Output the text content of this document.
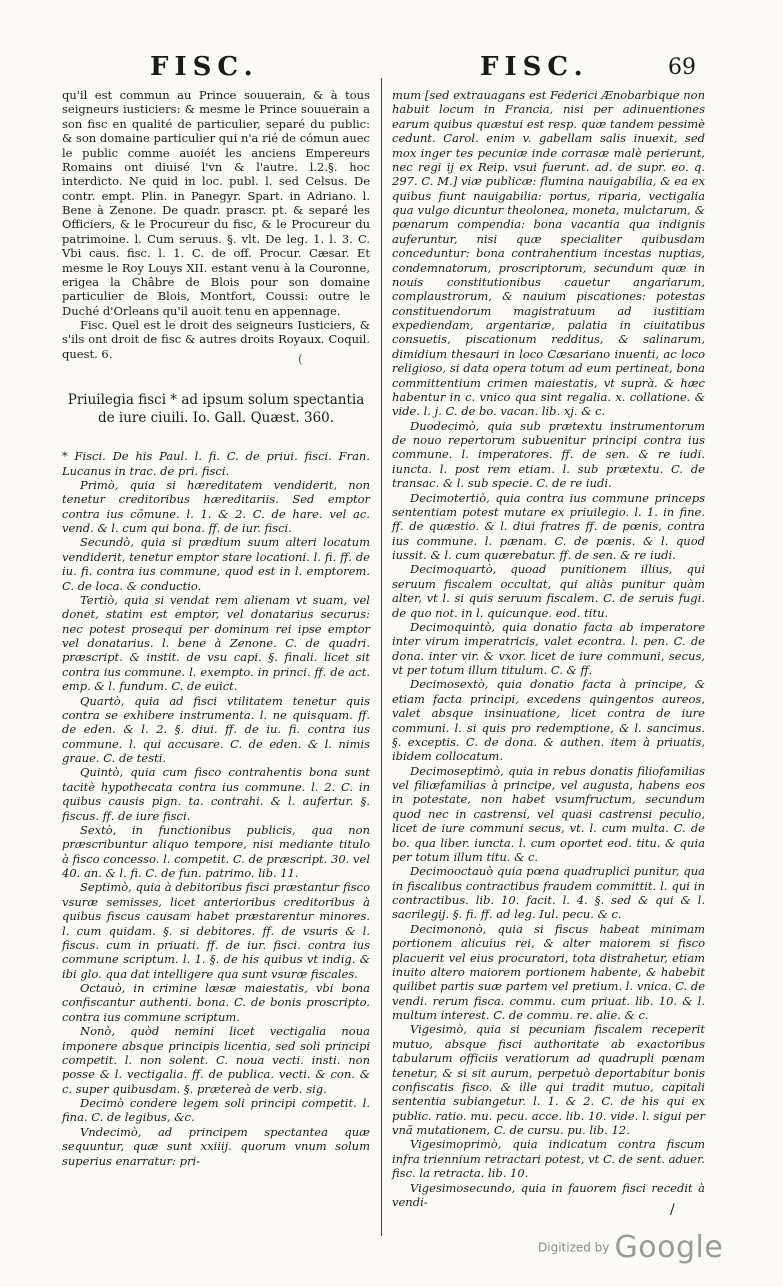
FISC.	FISC.	69

qu'il est commun au Prince souuerain, & à tous seigneurs iusticiers: & mesme le Prince souuerain a son fisc en qualité de particulier, separé du public: & son domaine particulier qui n'a rié de cómun auec le public comme auoiét les anciens Empereurs Romains ont diuisé l'vn & l'autre. l.2.§. hoc interdicto. Ne quid in loc. publ. l. sed Celsus. De contr. empt. Plin. in Panegyr. Spart. in Adriano. l. Bene à Zenone. De quadr. prascr. pt. & separé les Officiers, & le Procureur du fisc, & le Procureur du patrimoine. l. Cum seruus. §. vlt. De leg. 1. l. 3. C. Vbi caus. fisc. l. 1. C. de off. Procur. Cæsar. Et mesme le Roy Louys XII. estant venu à la Couronne, erigea la Châbre de Blois pour son domaine particulier de Blois, Montfort, Coussi: outre le Duché d'Orleans qu'il auoit tenu en appennage.

Fisc. Quel est le droit des seigneurs Iusticiers, & s'ils ont droit de fisc & autres droits Royaux. Coquil. quest. 6.

Priuilegia fisci * ad ipsum solum spectantia de iure ciuili. Io. Gall. Quæst. 360.

* Fisci. De his Paul. l. fi. C. de priui. fisci. Fran. Lucanus in trac. de pri. fisci.

Primò, quia si hæreditatem vendiderit, non tenetur creditoribus hæreditariis. Sed emptor contra ius cõmune. l. 1. & 2. C. de hare. vel ac. vend. & l. cum qui bona. ff. de iur. fisci.

Secundò, quia si prædium suum alteri locatum vendiderit, tenetur emptor stare locationi. l. fi. ff. de iu. fi. contra ius commune, quod est in l. emptorem. C. de loca. & conductio.

Tertiò, quia si vendat rem alienam vt suam, vel donet, statim est emptor, vel donatarius securus: nec potest prosequi per dominum rei ipse emptor vel donatarius. l. bene à Zenone. C. de quadri. præscript. & instit. de vsu capi. §. finali. licet sit contra ius commune. l. exempto. in princi. ff. de act. emp. & l. fundum. C. de euict.

Quartò, quia ad fisci vtilitatem tenetur quis contra se exhibere instrumenta. l. ne quisquam. ff. de eden. & l. 2. §. diui. ff. de iu. fi. contra ius commune. l. qui accusare. C. de eden. & l. nimis graue. C. de testi.

Quintò, quia cum fisco contrahentis bona sunt tacitè hypothecata contra ius commune. l. 2. C. in quibus causis pign. ta. contrahi. & l. aufertur. §. fiscus. ff. de iure fisci.

Sextò, in functionibus publicis, qua non præscribuntur aliquo tempore, nisi mediante titulo à fisco concesso. l. competit. C. de præscript. 30. vel 40. an. & l. fi. C. de fun. patrimo. lib. 11.

Septimò, quia à debitoribus fisci præstantur fisco vsuræ semisses, licet anterioribus creditoribus à quibus fiscus causam habet præstarentur minores. l. cum quidam. §. si debitores. ff. de vsuris & l. fiscus. cum in priuati. ff. de iur. fisci. contra ius commune scriptum. l. 1. §. de his quibus vt indig. & ibi glo. qua dat intelligere qua sunt vsuræ fiscales.

Octauò, in crimine læsæ maiestatis, vbi bona confiscantur authenti. bona. C. de bonis proscripto. contra ius commune scriptum.

Nonò, quòd nemini licet vectigalia noua imponere absque principis licentia, sed soli principi competit. l. non solent. C. noua vecti. insti. non posse & l. vectigalia. ff. de publica. vecti. & con. & c. super quibusdam. §. prætereà de verb. sig.

Decimò condere legem soli principi competit. l. fina. C. de legibus, &c.

Vndecimò, ad principem spectantea quæ sequuntur, quæ sunt xxiiij. quorum vnum solum superius enarratur: pri-

(

mum [sed extrauagans est Federici Ænobarbique non habuit locum in Francia, nisi per adinuentiones earum quibus quæstui est resp. quæ tandem pessimè cedunt. Carol. enim v. gabellam salis inuexit, sed mox inger tes pecuniæ inde corrasæ malè perierunt, nec regi ij ex Reip. vsui fuerunt. ad. de supr. eo. q. 297. C. M.] viæ publicæ: flumina nauigabilia, & ea ex quibus fiunt nauigabilia: portus, riparia, vectigalia qua vulgo dicuntur theolonea, moneta, mulctarum, & pœnarum compendia: bona vacantia qua indignis auferuntur, nisi quæ specialiter quibusdam conceduntur: bona contrahentium incestas nuptias, condemnatorum, proscriptorum, secundum quæ in nouis constitutionibus cauetur angariarum, complaustrorum, & nauium piscationes: potestas constituendorum magistratuum ad iustitiam expediendam, argentariæ, palatia in ciuitatibus consuetis, piscationum redditus, & salinarum, dimidium thesauri in loco Cæsariano inuenti, ac loco religioso, si data opera totum ad eum pertineat, bona committentium crimen maiestatis, vt suprà. & hæc habentur in c. vnico qua sint regalia. x. collatione. & vide. l. j. C. de bo. vacan. lib. xj. & c.

Duodecimò, quia sub prætextu instrumentorum de nouo repertorum subuenitur principi contra ius commune. l. imperatores. ff. de sen. & re iudi. iuncta. l. post rem etiam. l. sub prætextu. C. de transac. & l. sub specie. C. de re iudi.

Decimotertiò, quia contra ius commune princeps sententiam potest mutare ex priuilegio. l. 1. in fine. ff. de quæstio. & l. diui fratres ff. de pœnis, contra ius commune. l. pænam. C. de pœnis. & l. quod iussit. & l. cum quærebatur. ff. de sen. & re iudi.

Decimoquartò, quoad punitionem illius, qui seruum fiscalem occultat, qui aliàs punitur quàm alter, vt l. si quis seruum fiscalem. C. de seruis fugi. de quo not. in l. quicunque. eod. titu.

Decimoquintò, quia donatio facta ab imperatore inter virum imperatricis, valet econtra. l. pen. C. de dona. inter vir. & vxor. licet de iure communi, secus, vt per totum illum titulum. C. & ff.

Decimosextò, quia donatio facta à principe, & etiam facta principi, excedens quingentos aureos, valet absque insinuatione, licet contra de iure communi. l. si quis pro redemptione, & l. sancimus. §. exceptis. C. de dona. & authen. item à priuatis, ibidem collocatum.

Decimoseptimò, quia in rebus donatis filiofamilias vel filiæfamilias à principe, vel augusta, habens eos in potestate, non habet vsumfructum, secundum quod nec in castrensi, vel quasi castrensi peculio, licet de iure communi secus, vt. l. cum multa. C. de bo. qua liber. iuncta. l. cum oportet eod. titu. & quia per totum illum titu. & c.

Decimooctauò quia pœna quadruplici punitur, qua in fiscalibus contractibus fraudem committit. l. qui in contractibus. lib. 10. facit. l. 4. §. sed & qui & l. sacrilegij. §. fi. ff. ad leg. Iul. pecu. & c.

Decimononò, quia si fiscus habeat minimam portionem alicuius rei, & alter maiorem si fisco placuerit vel eius procuratori, tota distrahetur, etiam inuito altero maiorem portionem habente, & habebit quilibet partis suæ partem vel pretium. l. vnica. C. de vendi. rerum fisca. commu. cum priuat. lib. 10. & l. multum interest. C. de commu. re. alie. & c.

Vigesimò, quia si pecuniam fiscalem receperit mutuo, absque fisci authoritate ab exactoribus tabularum officiis veratiorum ad quadrupli pœnam tenetur, & si sit aurum, perpetuò deportabitur bonis confiscatis fisco. & ille qui tradit mutuo, capitali sententia subiangetur. l. 1. & 2. C. de his qui ex public. ratio. mu. pecu. acce. lib. 10. vide. l. sigui per vnã mutationem, C. de cursu. pu. lib. 12.

Vigesimoprimò, quia indicatum contra fiscum infra triennium retractari potest, vt C. de sent. aduer. fisc. la retracta. lib. 10.

Vigesimosecundo, quia in fauorem fisci recedit à vendi-

/
Digitized by Google
